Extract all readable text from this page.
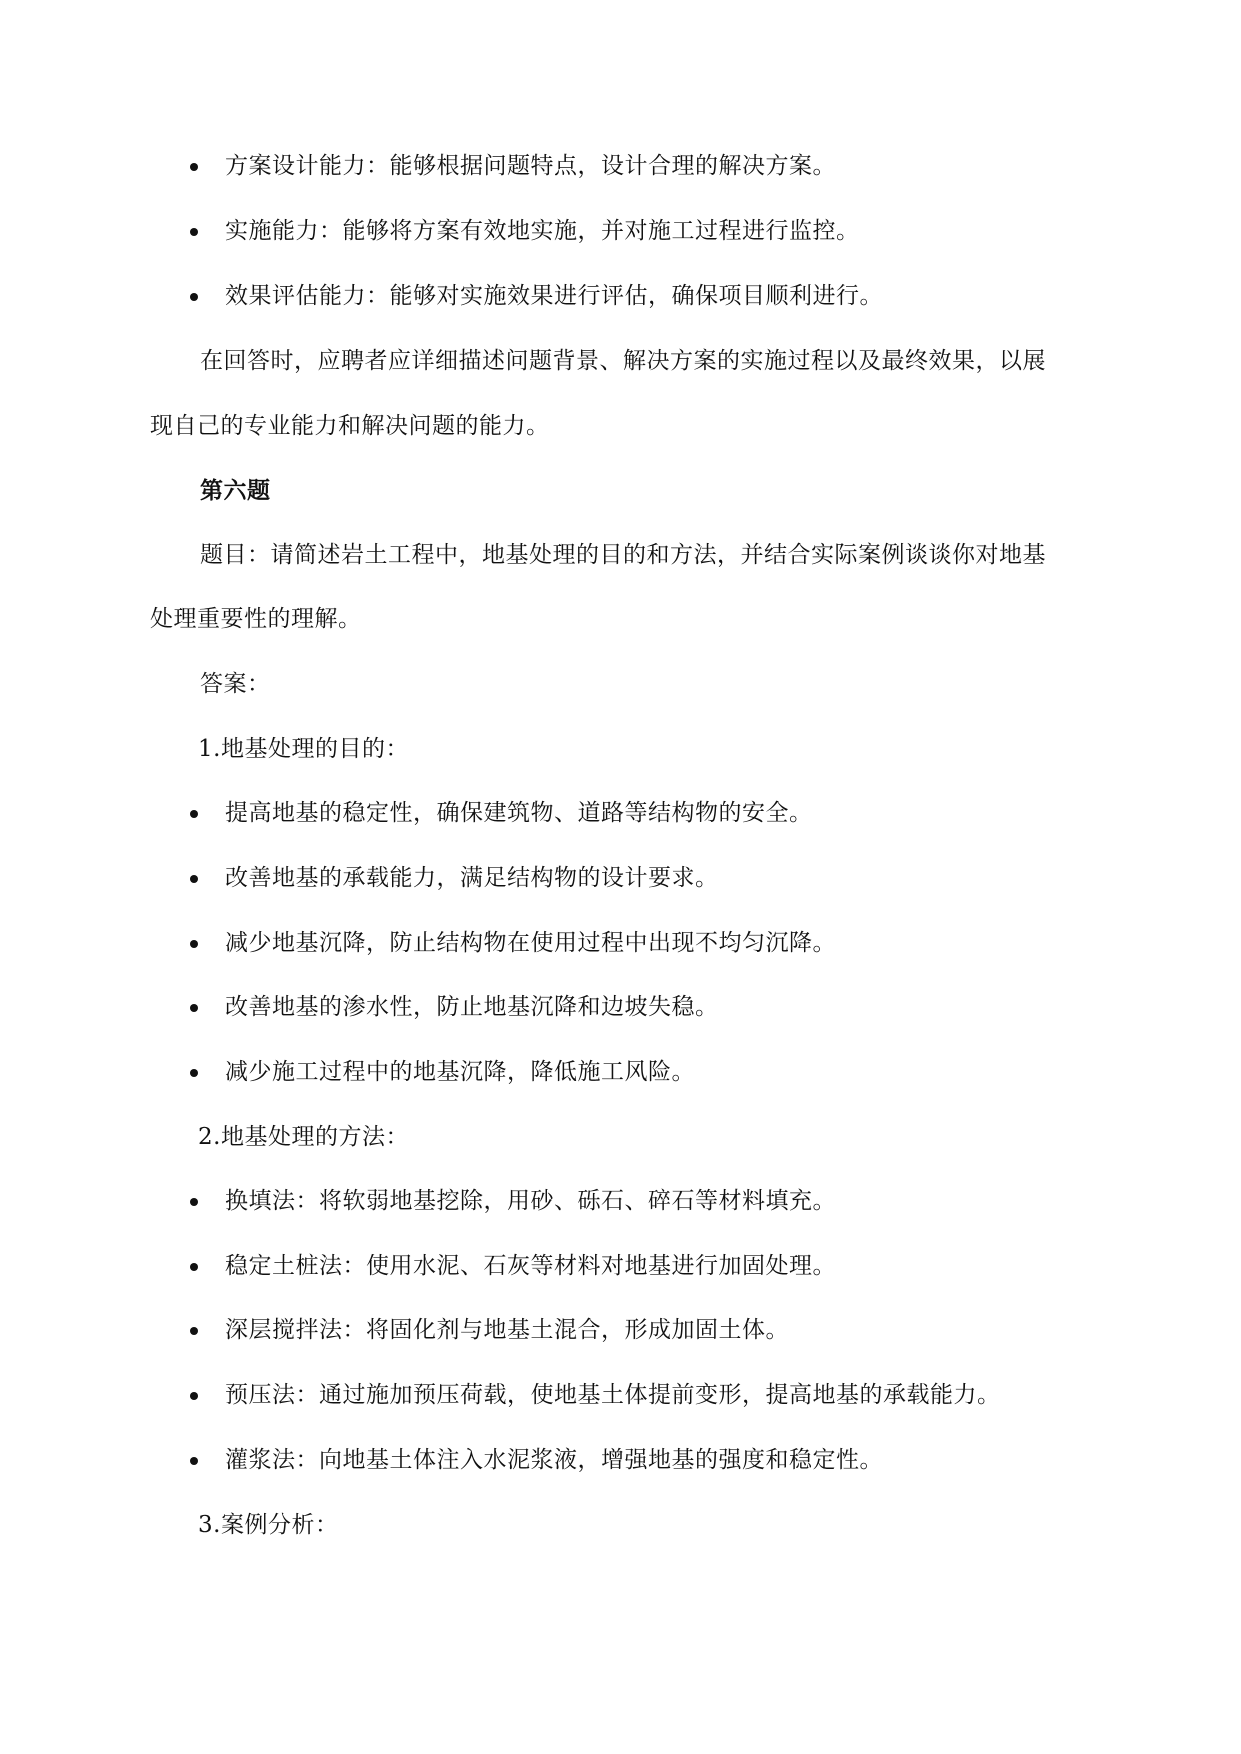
方案设计能力：能够根据问题特点，设计合理的解决方案。
实施能力：能够将方案有效地实施，并对施工过程进行监控。
效果评估能力：能够对实施效果进行评估，确保项目顺利进行。
在回答时，应聘者应详细描述问题背景、解决方案的实施过程以及最终效果，以展
现自己的专业能力和解决问题的能力。
第六题
题目：请简述岩土工程中，地基处理的目的和方法，并结合实际案例谈谈你对地基
处理重要性的理解。
答案：
1.地基处理的目的：
提高地基的稳定性，确保建筑物、道路等结构物的安全。
改善地基的承载能力，满足结构物的设计要求。
减少地基沉降，防止结构物在使用过程中出现不均匀沉降。
改善地基的渗水性，防止地基沉降和边坡失稳。
减少施工过程中的地基沉降，降低施工风险。
2.地基处理的方法：
换填法：将软弱地基挖除，用砂、砾石、碎石等材料填充。
稳定土桩法：使用水泥、石灰等材料对地基进行加固处理。
深层搅拌法：将固化剂与地基土混合，形成加固土体。
预压法：通过施加预压荷载，使地基土体提前变形，提高地基的承载能力。
灌浆法：向地基土体注入水泥浆液，增强地基的强度和稳定性。
3.案例分析：
